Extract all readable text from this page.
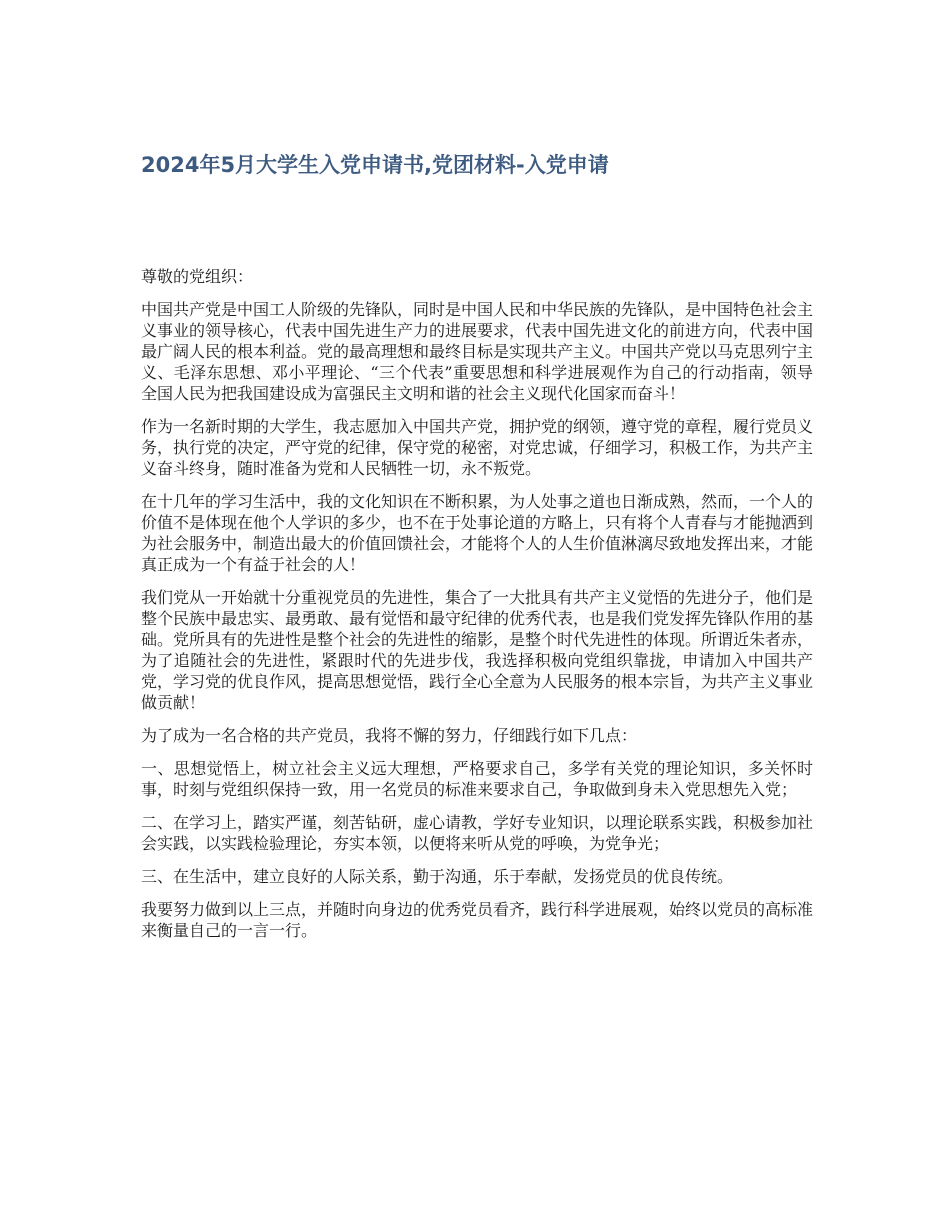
2024年5月大学生入党申请书,党团材料-入党申请

尊敬的党组织：

中国共产党是中国工人阶级的先锋队，同时是中国人民和中华民族的先锋队，是中国特色社会主义事业的领导核心，代表中国先进生产力的进展要求，代表中国先进文化的前进方向，代表中国最广阔人民的根本利益。党的最高理想和最终目标是实现共产主义。中国共产党以马克思列宁主义、毛泽东思想、邓小平理论、“三个代表”重要思想和科学进展观作为自己的行动指南，领导全国人民为把我国建设成为富强民主文明和谐的社会主义现代化国家而奋斗！

作为一名新时期的大学生，我志愿加入中国共产党，拥护党的纲领，遵守党的章程，履行党员义务，执行党的决定，严守党的纪律，保守党的秘密，对党忠诚，仔细学习，积极工作，为共产主义奋斗终身，随时准备为党和人民牺牲一切，永不叛党。

在十几年的学习生活中，我的文化知识在不断积累，为人处事之道也日渐成熟，然而，一个人的价值不是体现在他个人学识的多少，也不在于处事论道的方略上，只有将个人青春与才能抛洒到为社会服务中，制造出最大的价值回馈社会，才能将个人的人生价值淋漓尽致地发挥出来，才能真正成为一个有益于社会的人！

我们党从一开始就十分重视党员的先进性，集合了一大批具有共产主义觉悟的先进分子，他们是整个民族中最忠实、最勇敢、最有觉悟和最守纪律的优秀代表，也是我们党发挥先锋队作用的基础。党所具有的先进性是整个社会的先进性的缩影，是整个时代先进性的体现。所谓近朱者赤，为了追随社会的先进性，紧跟时代的先进步伐，我选择积极向党组织靠拢，申请加入中国共产党，学习党的优良作风，提高思想觉悟，践行全心全意为人民服务的根本宗旨，为共产主义事业做贡献！

为了成为一名合格的共产党员，我将不懈的努力，仔细践行如下几点：

一、思想觉悟上，树立社会主义远大理想，严格要求自己，多学有关党的理论知识，多关怀时事，时刻与党组织保持一致，用一名党员的标准来要求自己，争取做到身未入党思想先入党；

二、在学习上，踏实严谨，刻苦钻研，虚心请教，学好专业知识，以理论联系实践，积极参加社会实践，以实践检验理论，夯实本领，以便将来听从党的呼唤，为党争光；

三、在生活中，建立良好的人际关系，勤于沟通，乐于奉献，发扬党员的优良传统。

我要努力做到以上三点，并随时向身边的优秀党员看齐，践行科学进展观，始终以党员的高标准来衡量自己的一言一行。
